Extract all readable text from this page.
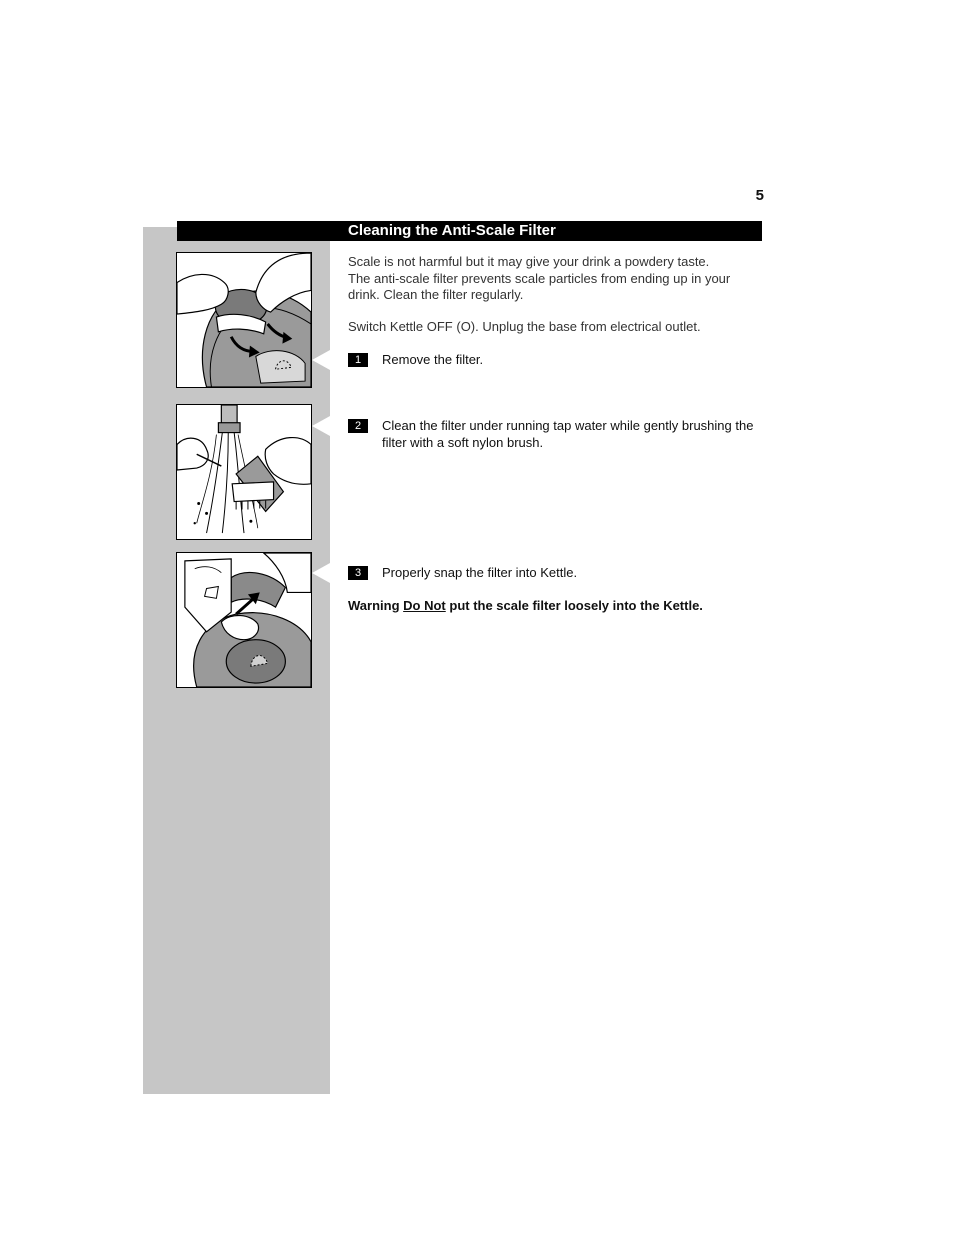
5
Cleaning the Anti-Scale Filter
Scale is not harmful but it may give your drink a powdery taste.
The anti-scale filter prevents scale particles from ending up in your
drink. Clean the filter regularly.
Switch Kettle OFF (O). Unplug the base from electrical outlet.
1	Remove the filter.
2	Clean the filter under running tap water while gently brushing the filter with a soft nylon brush.
3	Properly snap the filter into Kettle.
Warning Do Not put the scale filter loosely into the Kettle.
